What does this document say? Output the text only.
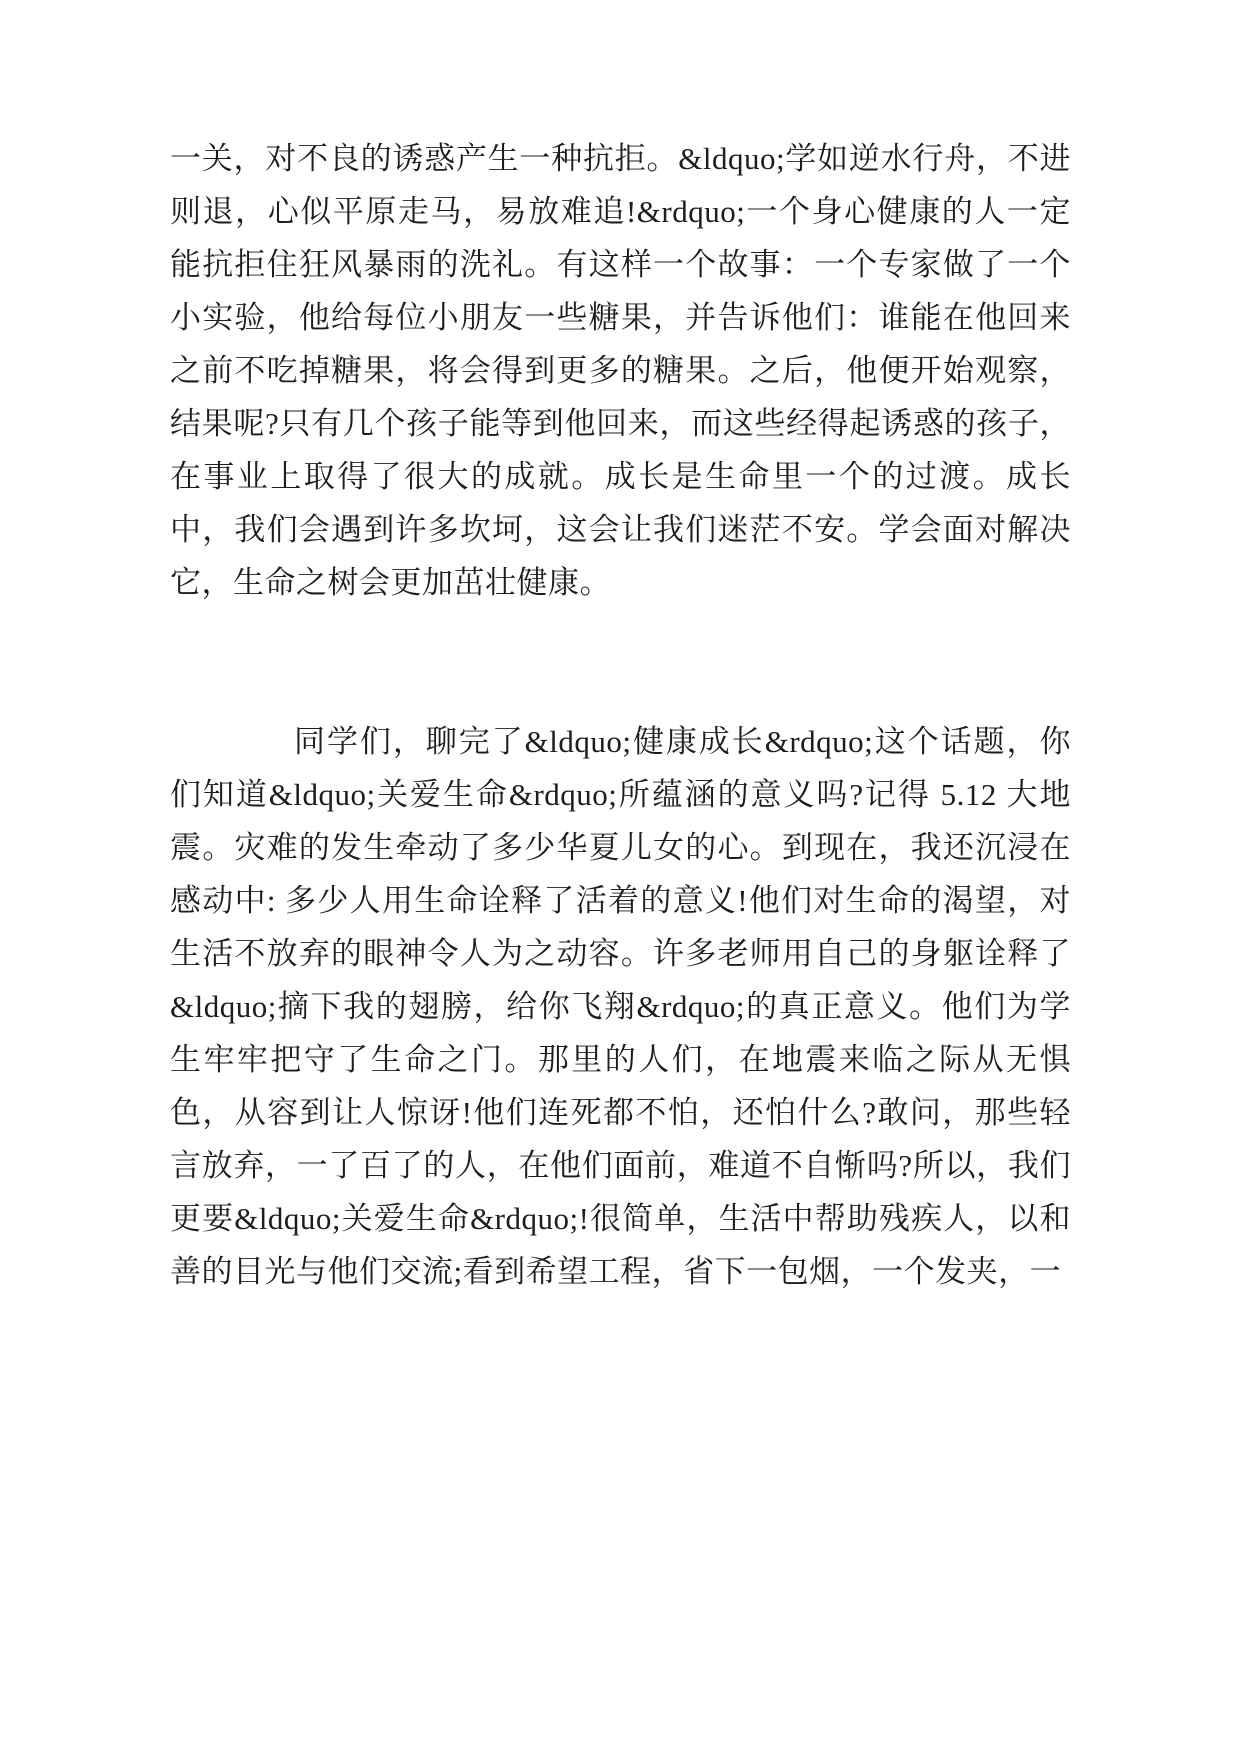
一关，对不良的诱惑产生一种抗拒。&ldquo;学如逆水行舟，不进则退，心似平原走马，易放难追!&rdquo;一个身心健康的人一定能抗拒住狂风暴雨的洗礼。有这样一个故事：一个专家做了一个小实验，他给每位小朋友一些糖果，并告诉他们：谁能在他回来之前不吃掉糖果，将会得到更多的糖果。之后，他便开始观察，结果呢?只有几个孩子能等到他回来，而这些经得起诱惑的孩子，在事业上取得了很大的成就。成长是生命里一个的过渡。成长中，我们会遇到许多坎坷，这会让我们迷茫不安。学会面对解决它，生命之树会更加茁壮健康。

同学们，聊完了&ldquo;健康成长&rdquo;这个话题，你们知道&ldquo;关爱生命&rdquo;所蕴涵的意义吗?记得 5.12 大地震。灾难的发生牵动了多少华夏儿女的心。到现在，我还沉浸在感动中: 多少人用生命诠释了活着的意义!他们对生命的渴望，对生活不放弃的眼神令人为之动容。许多老师用自己的身躯诠释了&ldquo;摘下我的翅膀，给你飞翔&rdquo;的真正意义。他们为学生牢牢把守了生命之门。那里的人们，在地震来临之际从无惧色，从容到让人惊讶!他们连死都不怕，还怕什么?敢问，那些轻言放弃，一了百了的人，在他们面前，难道不自惭吗?所以，我们更要&ldquo;关爱生命&rdquo;!很简单，生活中帮助残疾人，以和善的目光与他们交流;看到希望工程，省下一包烟，一个发夹，一
